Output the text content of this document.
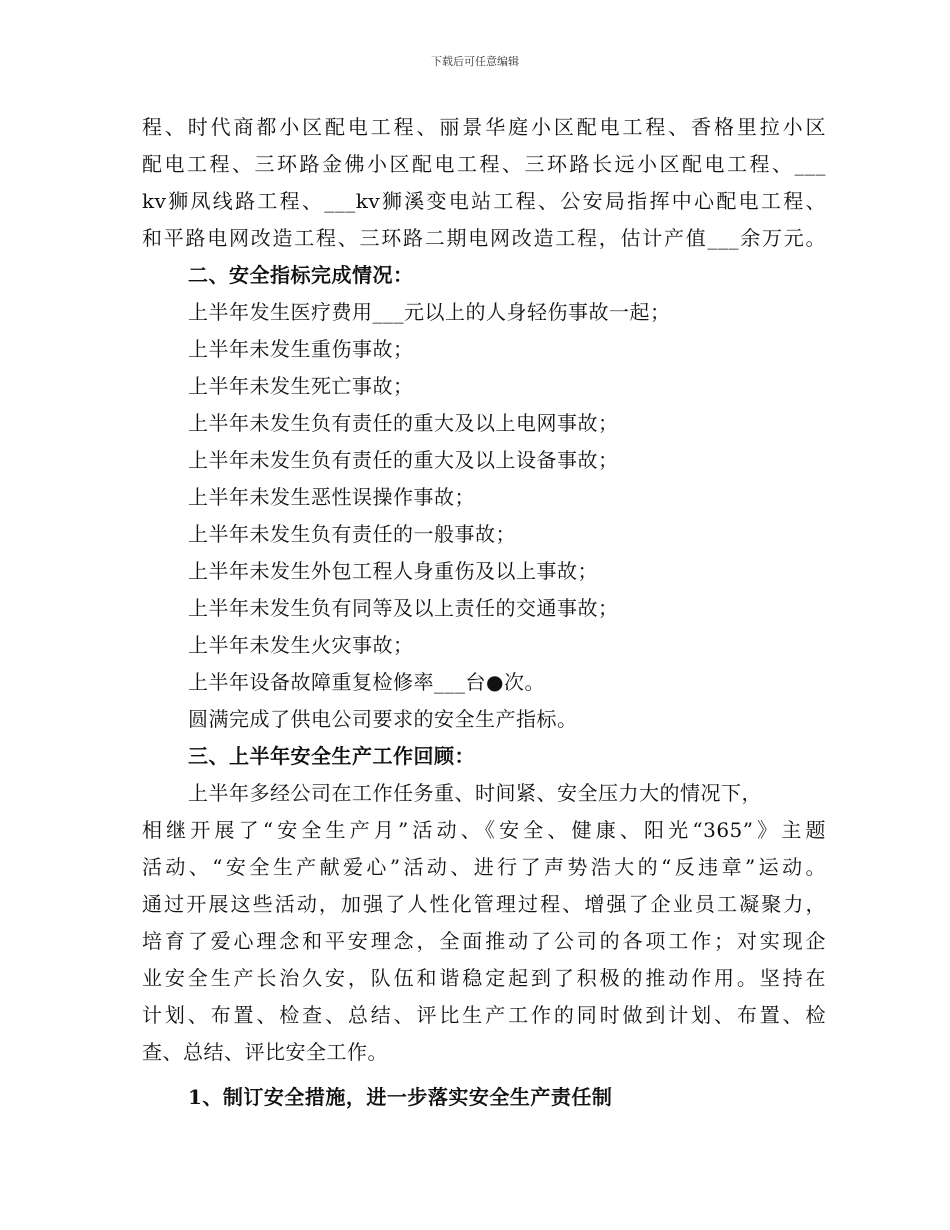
下载后可任意编辑
程、时代商都小区配电工程、丽景华庭小区配电工程、香格里拉小区
配电工程、三环路金佛小区配电工程、三环路长远小区配电工程、___
kv狮凤线路工程、___kv狮溪变电站工程、公安局指挥中心配电工程、
和平路电网改造工程、三环路二期电网改造工程，估计产值___余万元。
二、安全指标完成情况：
上半年发生医疗费用___元以上的人身轻伤事故一起；
上半年未发生重伤事故；
上半年未发生死亡事故；
上半年未发生负有责任的重大及以上电网事故；
上半年未发生负有责任的重大及以上设备事故；
上半年未发生恶性误操作事故；
上半年未发生负有责任的一般事故；
上半年未发生外包工程人身重伤及以上事故；
上半年未发生负有同等及以上责任的交通事故；
上半年未发生火灾事故；
上半年设备故障重复检修率___台●次。
圆满完成了供电公司要求的安全生产指标。
三、上半年安全生产工作回顾：
上半年多经公司在工作任务重、时间紧、安全压力大的情况下，
相继开展了“安全生产月”活动、《安全、健康、阳光“365”》主题
活动、“安全生产献爱心”活动、进行了声势浩大的“反违章”运动。
通过开展这些活动，加强了人性化管理过程、增强了企业员工凝聚力，
培育了爱心理念和平安理念，全面推动了公司的各项工作；对实现企
业安全生产长治久安，队伍和谐稳定起到了积极的推动作用。坚持在
计划、布置、检查、总结、评比生产工作的同时做到计划、布置、检
查、总结、评比安全工作。
1、制订安全措施，进一步落实安全生产责任制
